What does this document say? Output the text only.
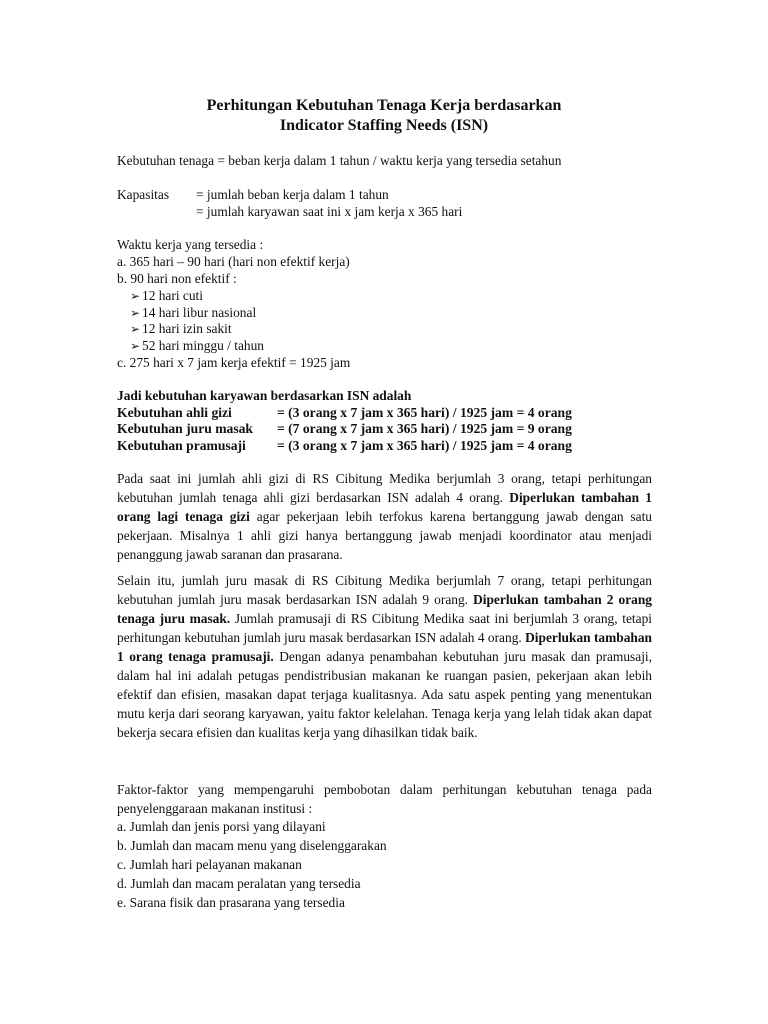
Perhitungan Kebutuhan Tenaga Kerja berdasarkan
Indicator Staffing Needs (ISN)
Kebutuhan tenaga = beban kerja dalam 1 tahun / waktu kerja yang tersedia setahun
Kapasitas = jumlah beban kerja dalam 1 tahun
= jumlah karyawan saat ini x jam kerja x 365 hari
Waktu kerja yang tersedia :
a. 365 hari – 90 hari (hari non efektif kerja)
b. 90 hari non efektif :
➢ 12 hari cuti
➢ 14 hari libur nasional
➢ 12 hari izin sakit
➢ 52 hari minggu / tahun
c. 275 hari x 7 jam kerja efektif = 1925 jam
Jadi kebutuhan karyawan berdasarkan ISN adalah
Kebutuhan ahli gizi	= (3 orang x 7 jam x 365 hari) / 1925 jam = 4 orang
Kebutuhan juru masak = (7 orang x 7 jam x 365 hari) / 1925 jam = 9 orang
Kebutuhan pramusaji = (3 orang x 7 jam x 365 hari) / 1925 jam = 4 orang

Pada saat ini jumlah ahli gizi di RS Cibitung Medika berjumlah 3 orang, tetapi perhitungan kebutuhan jumlah tenaga ahli gizi berdasarkan ISN adalah 4 orang. Diperlukan tambahan 1 orang lagi tenaga gizi agar pekerjaan lebih terfokus karena bertanggung jawab dengan satu pekerjaan. Misalnya 1 ahli gizi hanya bertanggung jawab menjadi koordinator atau menjadi penanggung jawab saranan dan prasarana.

Selain itu, jumlah juru masak di RS Cibitung Medika berjumlah 7 orang, tetapi perhitungan kebutuhan jumlah juru masak berdasarkan ISN adalah 9 orang. Diperlukan tambahan 2 orang tenaga juru masak. Jumlah pramusaji di RS Cibitung Medika saat ini berjumlah 3 orang, tetapi perhitungan kebutuhan jumlah juru masak berdasarkan ISN adalah 4 orang. Diperlukan tambahan 1 orang tenaga pramusaji. Dengan adanya penambahan kebutuhan juru masak dan pramusaji, dalam hal ini adalah petugas pendistribusian makanan ke ruangan pasien, pekerjaan akan lebih efektif dan efisien, masakan dapat terjaga kualitasnya. Ada satu aspek penting yang menentukan mutu kerja dari seorang karyawan, yaitu faktor kelelahan. Tenaga kerja yang lelah tidak akan dapat bekerja secara efisien dan kualitas kerja yang dihasilkan tidak baik.

Faktor-faktor yang mempengaruhi pembobotan dalam perhitungan kebutuhan tenaga pada penyelenggaraan makanan institusi :

a. Jumlah dan jenis porsi yang dilayani
b. Jumlah dan macam menu yang diselenggarakan
c. Jumlah hari pelayanan makanan
d. Jumlah dan macam peralatan yang tersedia
e. Sarana fisik dan prasarana yang tersedia
